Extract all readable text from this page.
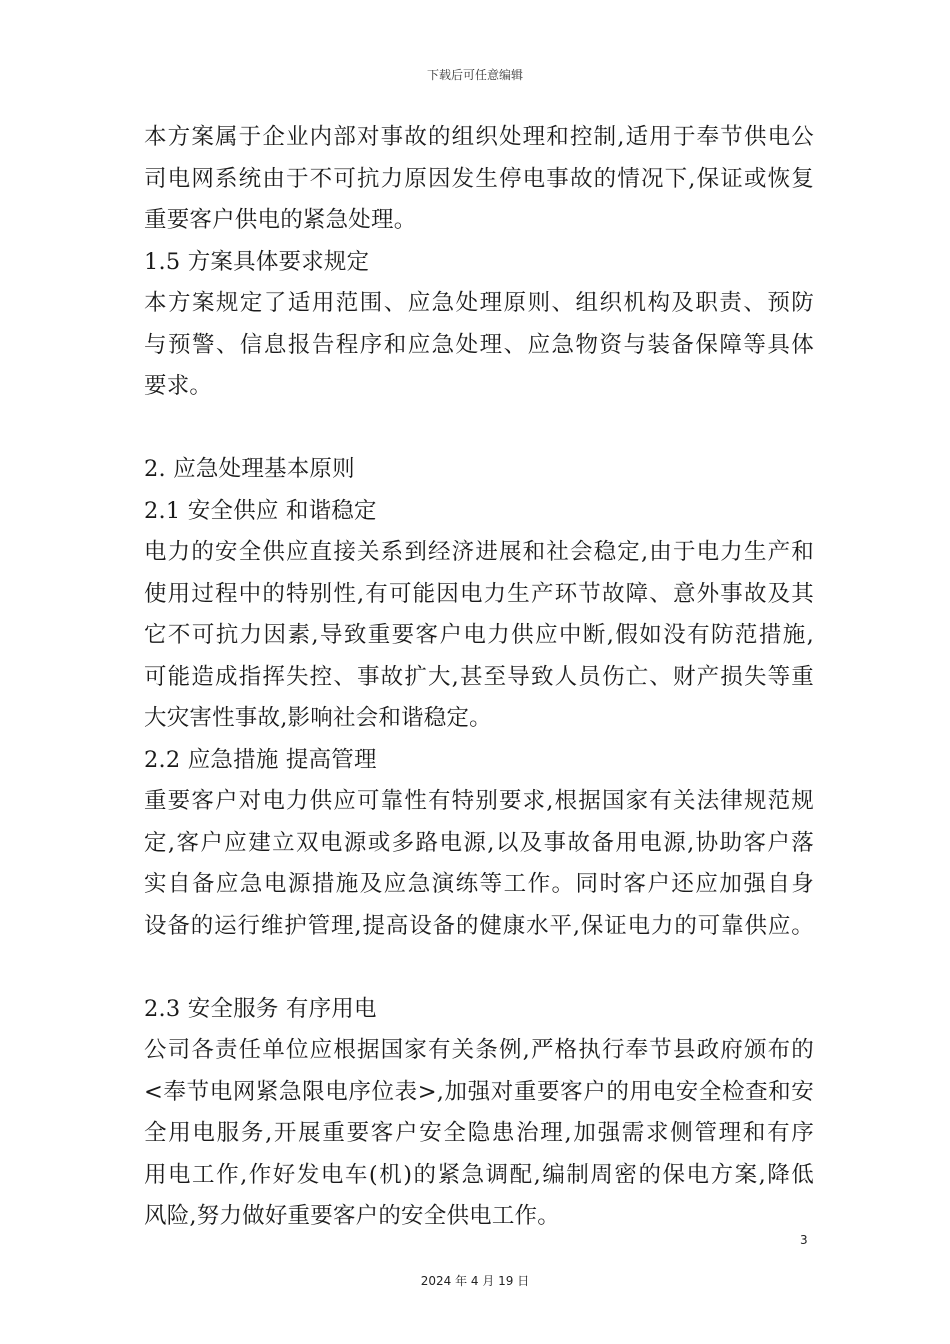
下载后可任意编辑
本方案属于企业内部对事故的组织处理和控制,适用于奉节供电公
司电网系统由于不可抗力原因发生停电事故的情况下,保证或恢复
重要客户供电的紧急处理。
1.5 方案具体要求规定
本方案规定了适用范围、应急处理原则、组织机构及职责、预防
与预警、信息报告程序和应急处理、应急物资与装备保障等具体
要求。
2. 应急处理基本原则
2.1 安全供应 和谐稳定
电力的安全供应直接关系到经济进展和社会稳定,由于电力生产和
使用过程中的特别性,有可能因电力生产环节故障、意外事故及其
它不可抗力因素,导致重要客户电力供应中断,假如没有防范措施,
可能造成指挥失控、事故扩大,甚至导致人员伤亡、财产损失等重
大灾害性事故,影响社会和谐稳定。
2.2 应急措施 提高管理
重要客户对电力供应可靠性有特别要求,根据国家有关法律规范规
定,客户应建立双电源或多路电源,以及事故备用电源,协助客户落
实自备应急电源措施及应急演练等工作。同时客户还应加强自身
设备的运行维护管理,提高设备的健康水平,保证电力的可靠供应。
2.3 安全服务 有序用电
公司各责任单位应根据国家有关条例,严格执行奉节县政府颁布的
<奉节电网紧急限电序位表>,加强对重要客户的用电安全检查和安
全用电服务,开展重要客户安全隐患治理,加强需求侧管理和有序
用电工作,作好发电车(机)的紧急调配,编制周密的保电方案,降低
风险,努力做好重要客户的安全供电工作。
3
2024 年 4 月 19 日
